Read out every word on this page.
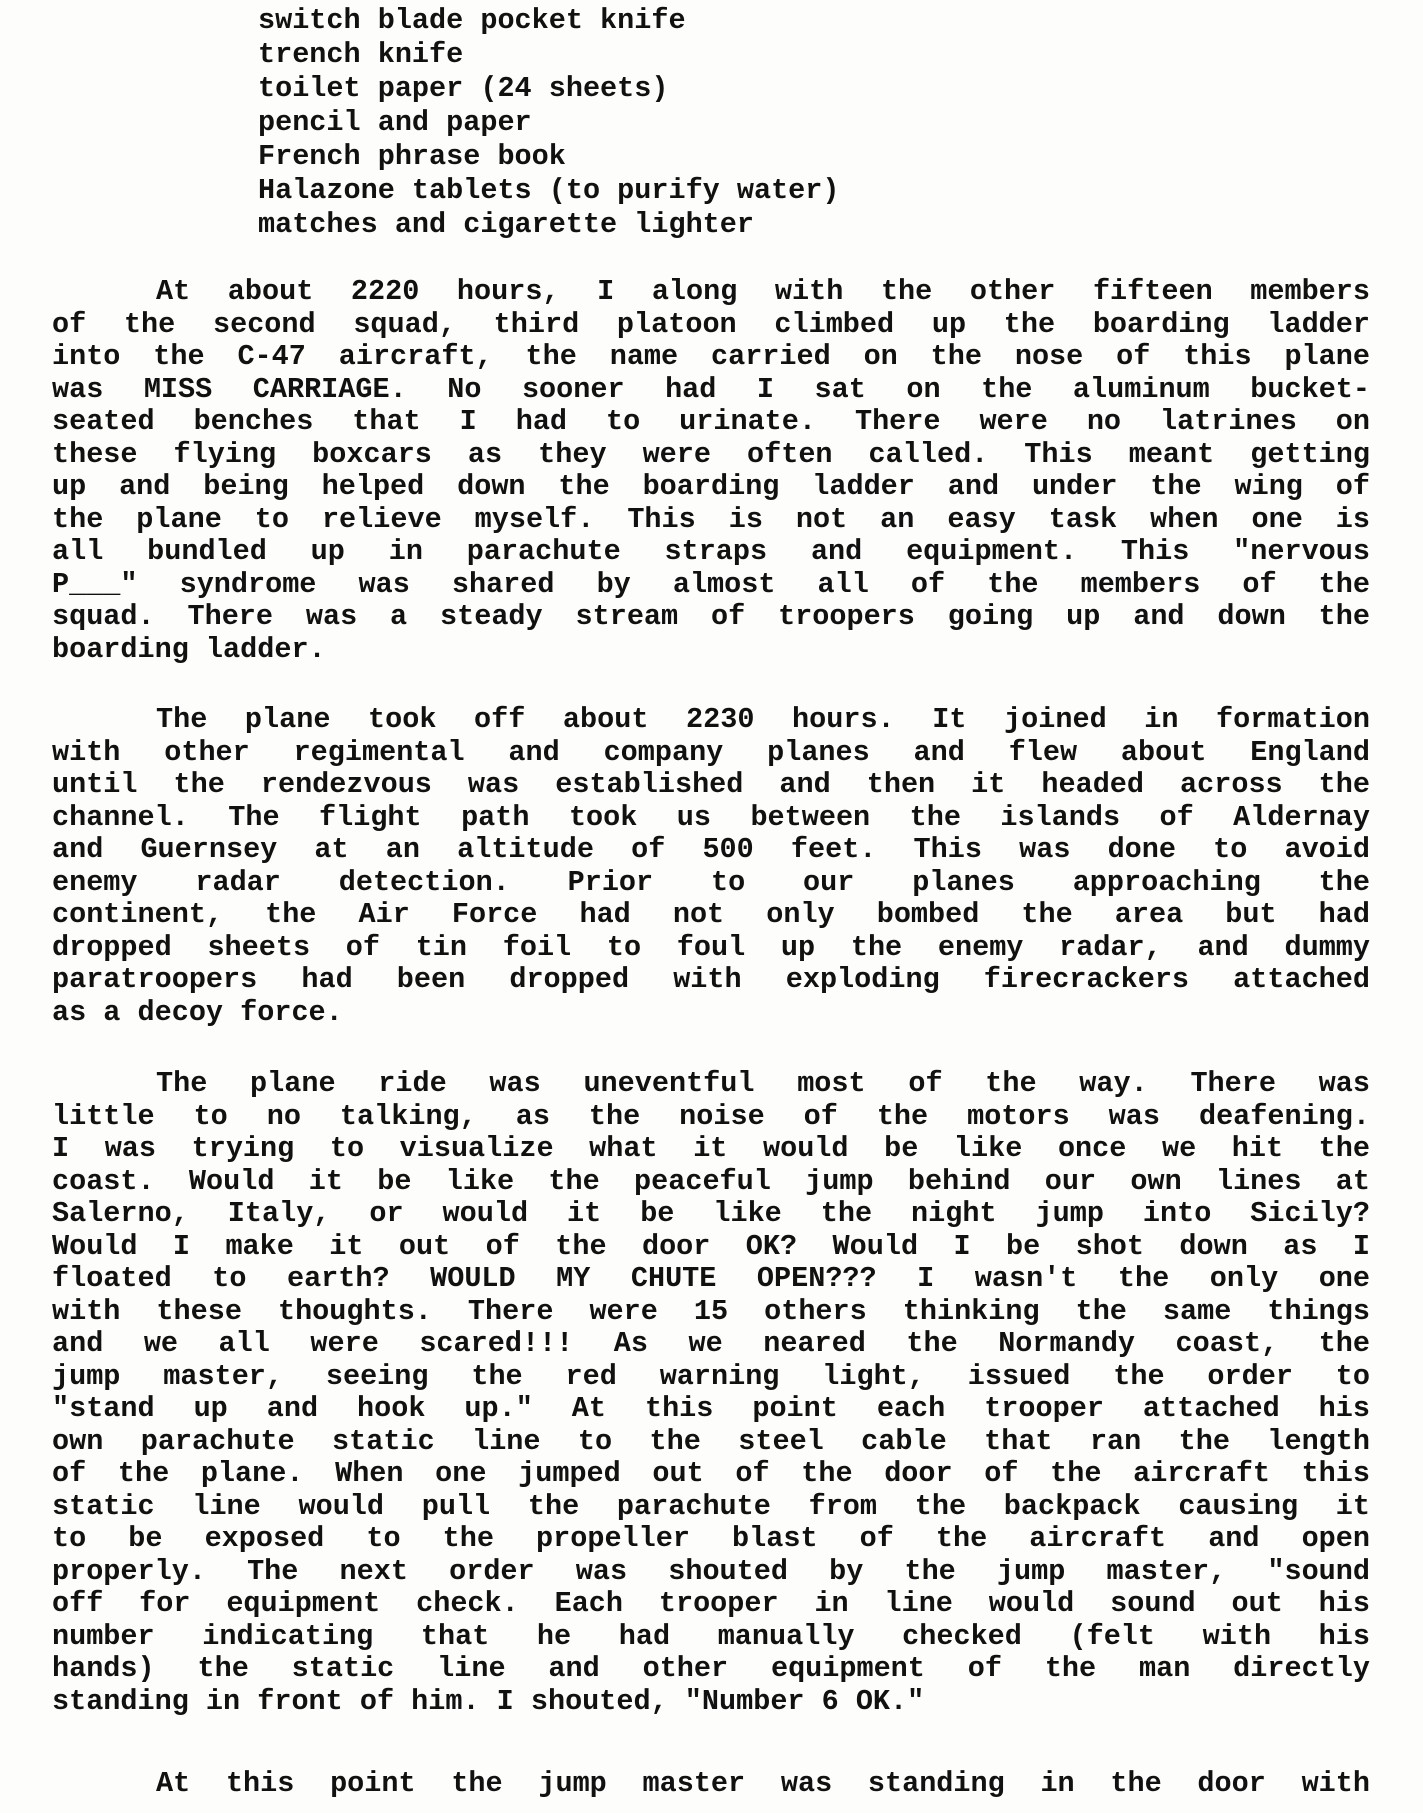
switch blade pocket knife
trench knife
toilet paper (24 sheets)
pencil and paper
French phrase book
Halazone tablets (to purify water)
matches and cigarette lighter
At about 2220 hours, I along with the other fifteen members
of the second squad, third platoon climbed up the boarding ladder
into the C-47 aircraft, the name carried on the nose of this plane
was MISS CARRIAGE. No sooner had I sat on the aluminum bucket-
seated benches that I had to urinate. There were no latrines on
these flying boxcars as they were often called. This meant getting
up and being helped down the boarding ladder and under the wing of
the plane to relieve myself. This is not an easy task when one is
all bundled up in parachute straps and equipment. This "nervous
P___" syndrome was shared by almost all of the members of the
squad. There was a steady stream of troopers going up and down the
boarding ladder.
The plane took off about 2230 hours. It joined in formation
with other regimental and company planes and flew about England
until the rendezvous was established and then it headed across the
channel. The flight path took us between the islands of Aldernay
and Guernsey at an altitude of 500 feet. This was done to avoid
enemy radar detection. Prior to our planes approaching the
continent, the Air Force had not only bombed the area but had
dropped sheets of tin foil to foul up the enemy radar, and dummy
paratroopers had been dropped with exploding firecrackers attached
as a decoy force.
The plane ride was uneventful most of the way. There was
little to no talking, as the noise of the motors was deafening.
I was trying to visualize what it would be like once we hit the
coast. Would it be like the peaceful jump behind our own lines at
Salerno, Italy, or would it be like the night jump into Sicily?
Would I make it out of the door OK? Would I be shot down as I
floated to earth? WOULD MY CHUTE OPEN??? I wasn't the only one
with these thoughts. There were 15 others thinking the same things
and we all were scared!!! As we neared the Normandy coast, the
jump master, seeing the red warning light, issued the order to
"stand up and hook up." At this point each trooper attached his
own parachute static line to the steel cable that ran the length
of the plane. When one jumped out of the door of the aircraft this
static line would pull the parachute from the backpack causing it
to be exposed to the propeller blast of the aircraft and open
properly. The next order was shouted by the jump master, "sound
off for equipment check. Each trooper in line would sound out his
number indicating that he had manually checked (felt with his
hands) the static line and other equipment of the man directly
standing in front of him. I shouted, "Number 6 OK."
At this point the jump master was standing in the door with
